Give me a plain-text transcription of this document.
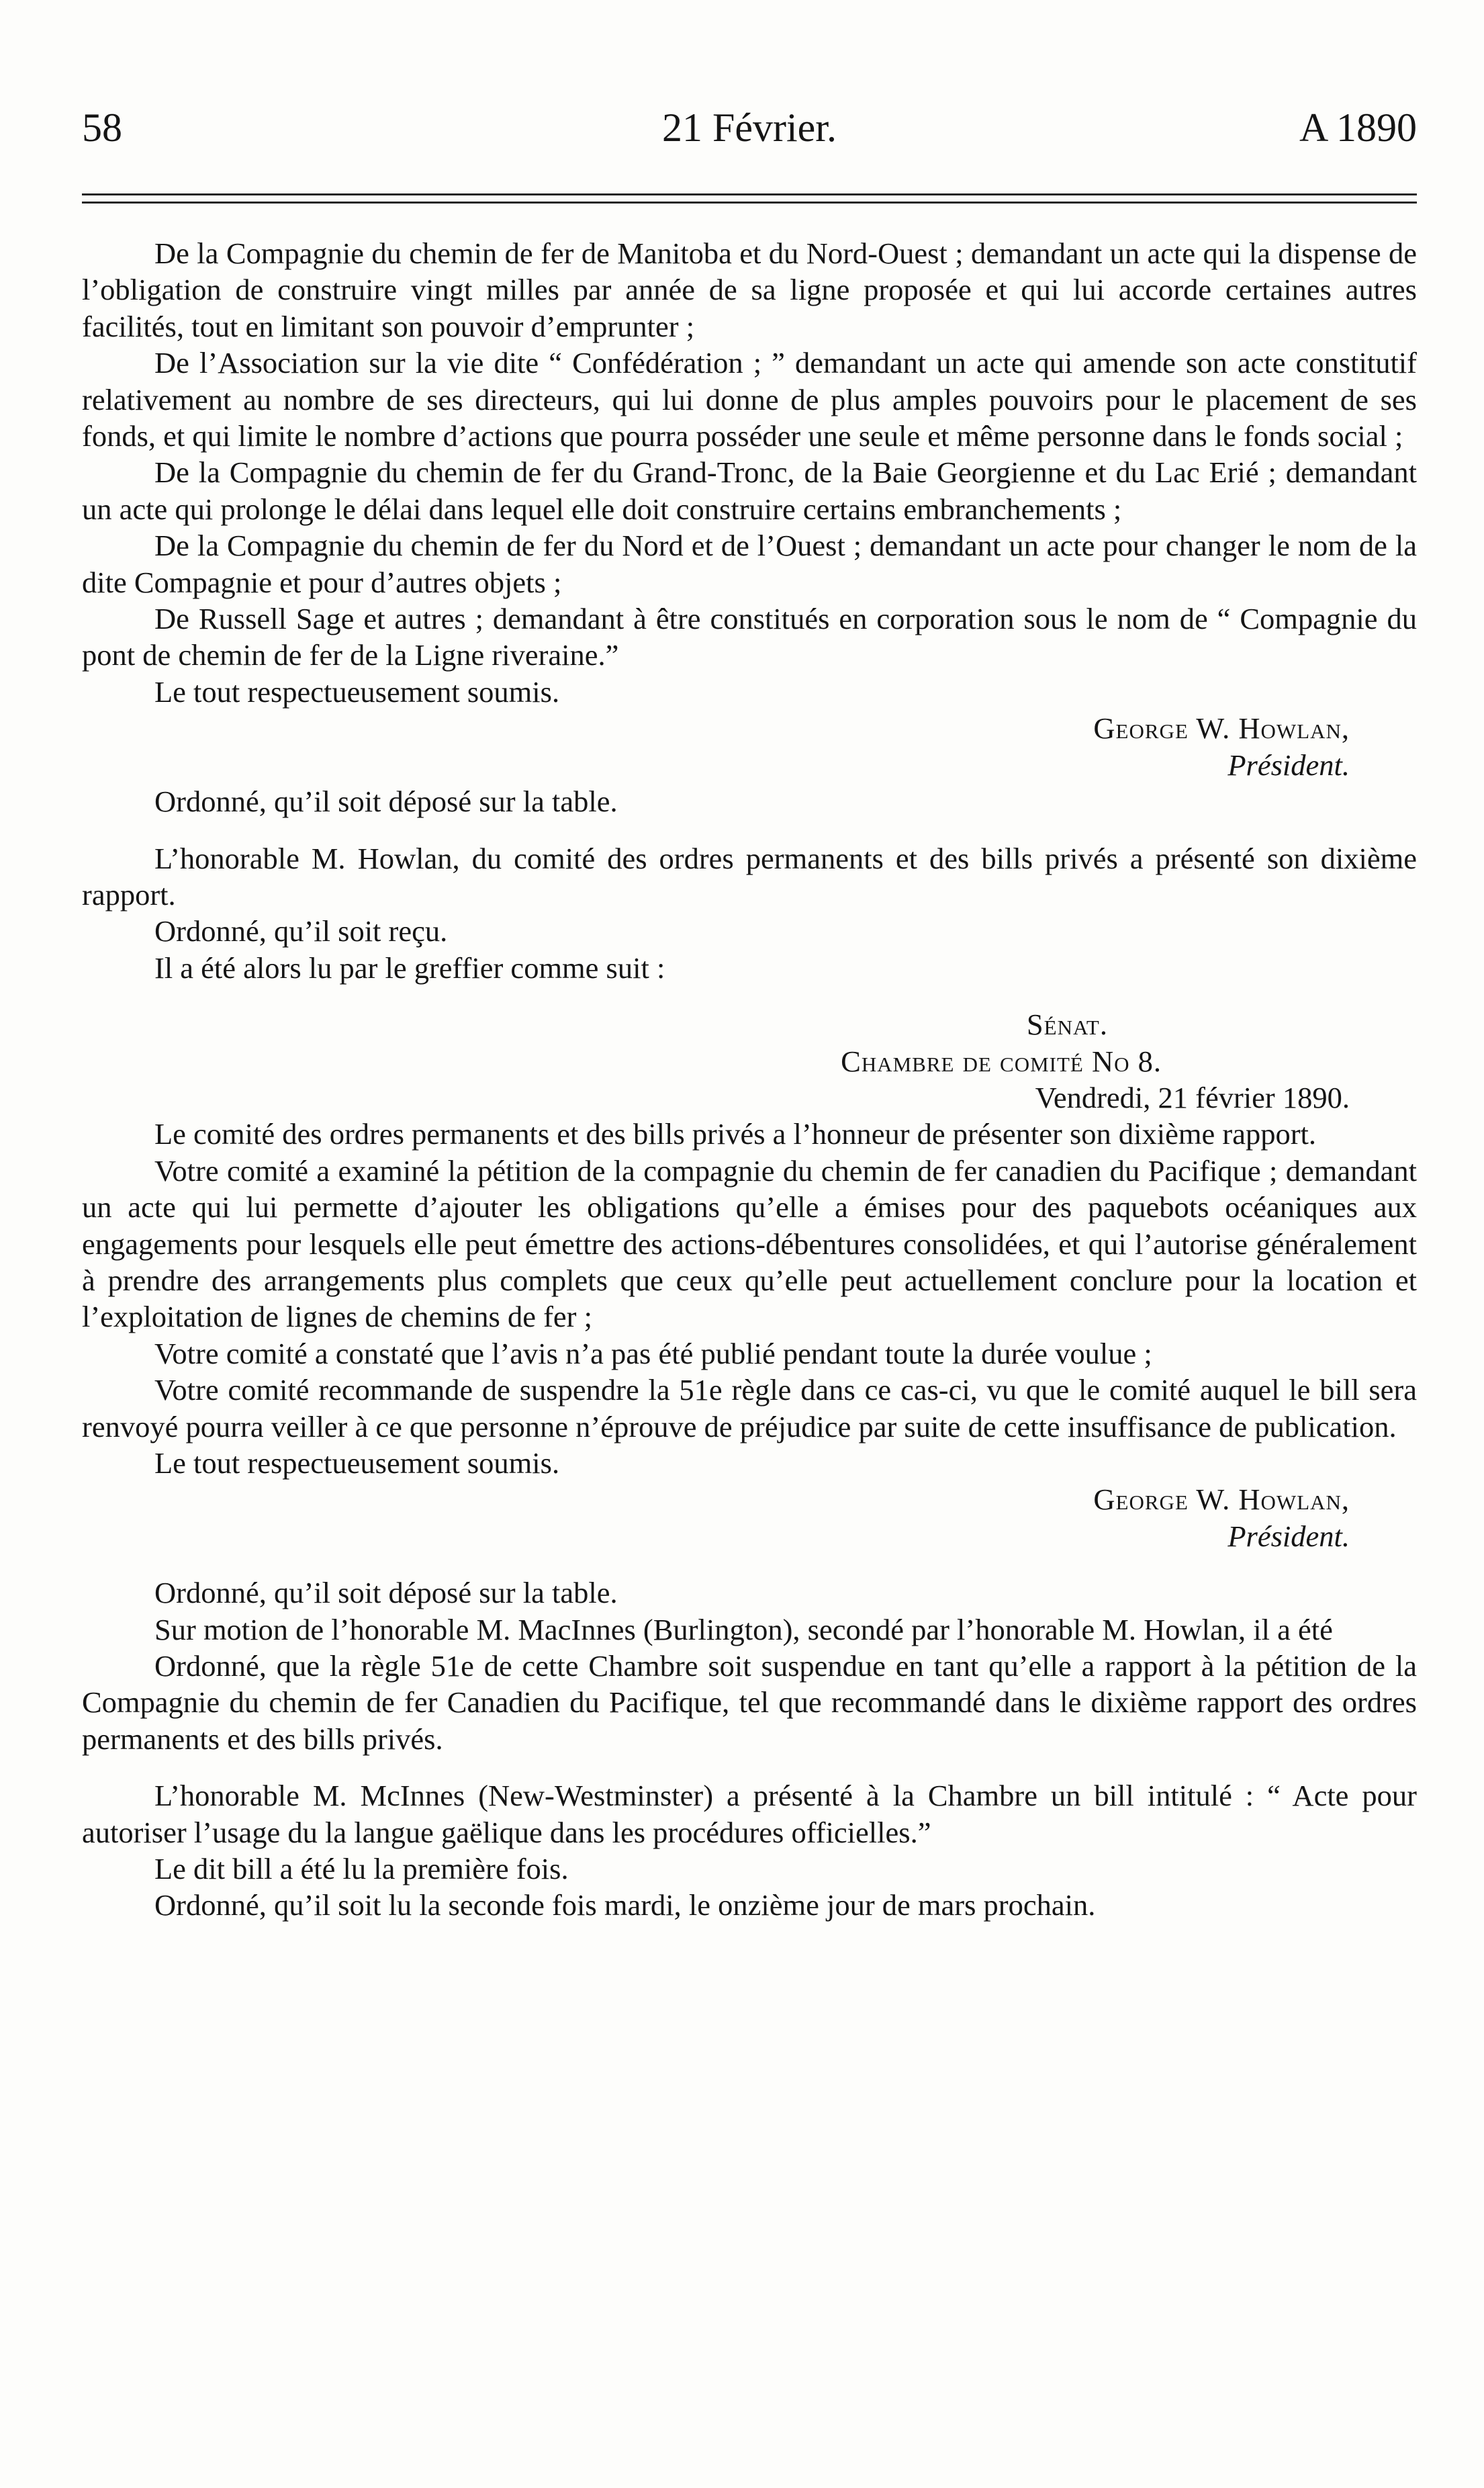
58	21 Février.	A 1890

De la Compagnie du chemin de fer de Manitoba et du Nord-Ouest ; demandant un acte qui la dispense de l’obligation de construire vingt milles par année de sa ligne proposée et qui lui accorde certaines autres facilités, tout en limitant son pouvoir d’emprunter ;

De l’Association sur la vie dite “ Confédération ; ” demandant un acte qui amende son acte constitutif relativement au nombre de ses directeurs, qui lui donne de plus amples pouvoirs pour le placement de ses fonds, et qui limite le nombre d’actions que pourra posséder une seule et même personne dans le fonds social ;

De la Compagnie du chemin de fer du Grand-Tronc, de la Baie Georgienne et du Lac Erié ; demandant un acte qui prolonge le délai dans lequel elle doit construire certains embranchements ;

De la Compagnie du chemin de fer du Nord et de l’Ouest ; demandant un acte pour changer le nom de la dite Compagnie et pour d’autres objets ;

De Russell Sage et autres ; demandant à être constitués en corporation sous le nom de “ Compagnie du pont de chemin de fer de la Ligne riveraine.”

Le tout respectueusement soumis.

George W. Howlan,
Président.

Ordonné, qu’il soit déposé sur la table.

L’honorable M. Howlan, du comité des ordres permanents et des bills privés a présenté son dixième rapport.

Ordonné, qu’il soit reçu.

Il a été alors lu par le greffier comme suit :

Sénat.
Chambre de comité No 8.
Vendredi, 21 février 1890.

Le comité des ordres permanents et des bills privés a l’honneur de présenter son dixième rapport.

Votre comité a examiné la pétition de la compagnie du chemin de fer canadien du Pacifique ; demandant un acte qui lui permette d’ajouter les obligations qu’elle a émises pour des paquebots océaniques aux engagements pour lesquels elle peut émettre des actions-débentures consolidées, et qui l’autorise généralement à prendre des arrangements plus complets que ceux qu’elle peut actuellement conclure pour la location et l’exploitation de lignes de chemins de fer ;

Votre comité a constaté que l’avis n’a pas été publié pendant toute la durée voulue ;

Votre comité recommande de suspendre la 51e règle dans ce cas-ci, vu que le comité auquel le bill sera renvoyé pourra veiller à ce que personne n’éprouve de préjudice par suite de cette insuffisance de publication.

Le tout respectueusement soumis.

George W. Howlan,
Président.

Ordonné, qu’il soit déposé sur la table.

Sur motion de l’honorable M. MacInnes (Burlington), secondé par l’honorable M. Howlan, il a été

Ordonné, que la règle 51e de cette Chambre soit suspendue en tant qu’elle a rapport à la pétition de la Compagnie du chemin de fer Canadien du Pacifique, tel que recommandé dans le dixième rapport des ordres permanents et des bills privés.

L’honorable M. McInnes (New-Westminster) a présenté à la Chambre un bill intitulé : “ Acte pour autoriser l’usage du la langue gaëlique dans les procédures officielles.”

Le dit bill a été lu la première fois.

Ordonné, qu’il soit lu la seconde fois mardi, le onzième jour de mars prochain.
